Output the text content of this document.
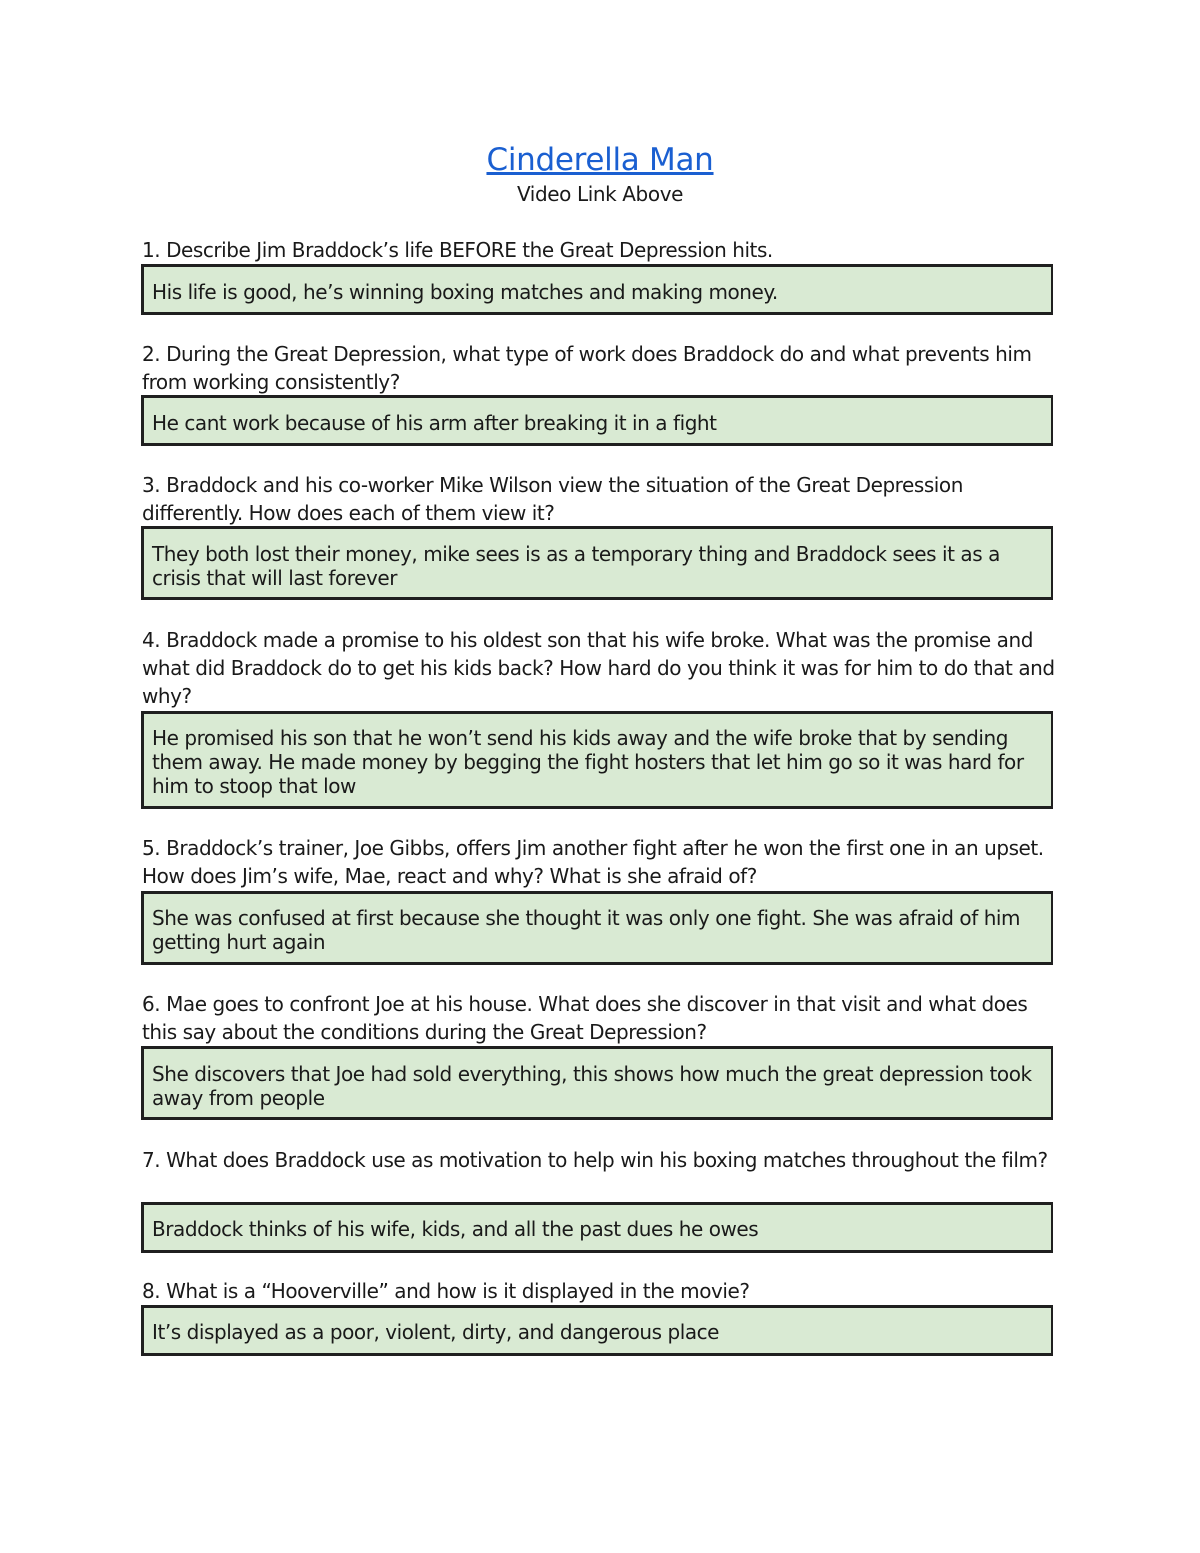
Cinderella Man
Video Link Above
1. Describe Jim Braddock’s life BEFORE the Great Depression hits.
His life is good, he’s winning boxing matches and making money.
2. During the Great Depression, what type of work does Braddock do and what prevents him from working consistently?
He cant work because of his arm after breaking it in a fight
3. Braddock and his co-worker Mike Wilson view the situation of the Great Depression differently. How does each of them view it?
They both lost their money, mike sees is as a temporary thing and Braddock sees it as a crisis that will last forever
4. Braddock made a promise to his oldest son that his wife broke. What was the promise and what did Braddock do to get his kids back? How hard do you think it was for him to do that and why?
He promised his son that he won’t send his kids away and the wife broke that by sending them away. He made money by begging the fight hosters that let him go so it was hard for him to stoop that low
5. Braddock’s trainer, Joe Gibbs, offers Jim another fight after he won the first one in an upset. How does Jim’s wife, Mae, react and why? What is she afraid of?
She was confused at first because she thought it was only one fight. She was afraid of him getting hurt again
6. Mae goes to confront Joe at his house. What does she discover in that visit and what does this say about the conditions during the Great Depression?
She discovers that Joe had sold everything, this shows how much the great depression took away from people
7. What does Braddock use as motivation to help win his boxing matches throughout the film?
Braddock thinks of his wife, kids, and all the past dues he owes
8. What is a “Hooverville” and how is it displayed in the movie?
It’s displayed as a poor, violent, dirty, and dangerous place
